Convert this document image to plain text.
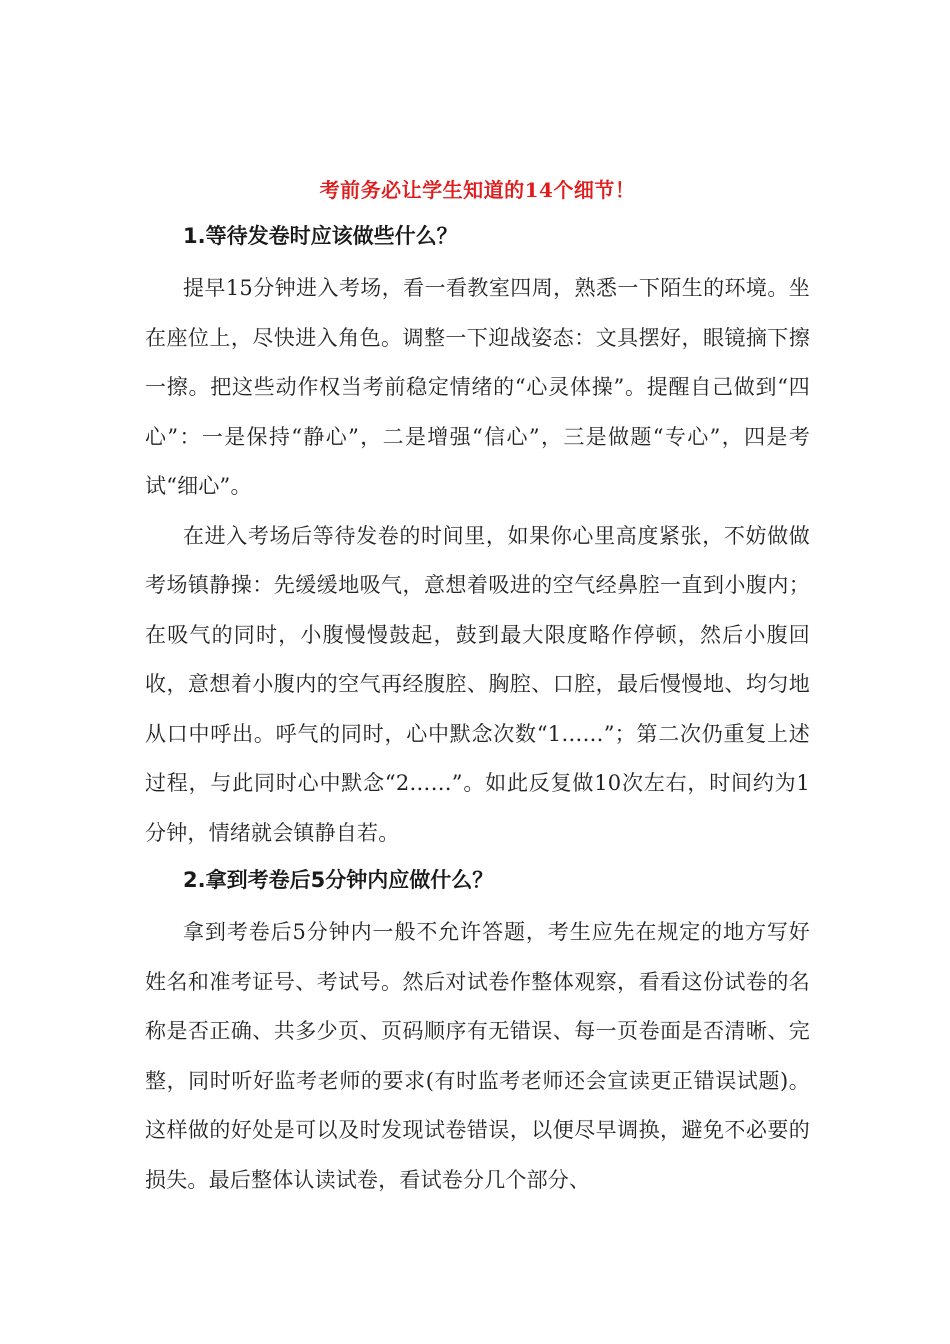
考前务必让学生知道的14个细节！
1.等待发卷时应该做些什么？

提早15分钟进入考场，看一看教室四周，熟悉一下陌生的环境。坐在座位上，尽快进入角色。调整一下迎战姿态：文具摆好，眼镜摘下擦一擦。把这些动作权当考前稳定情绪的“心灵体操”。提醒自己做到“四心”：一是保持“静心”，二是增强“信心”，三是做题“专心”，四是考试“细心”。

在进入考场后等待发卷的时间里，如果你心里高度紧张，不妨做做考场镇静操：先缓缓地吸气，意想着吸进的空气经鼻腔一直到小腹内；在吸气的同时，小腹慢慢鼓起，鼓到最大限度略作停顿，然后小腹回收，意想着小腹内的空气再经腹腔、胸腔、口腔，最后慢慢地、均匀地从口中呼出。呼气的同时，心中默念次数“1……”；第二次仍重复上述过程，与此同时心中默念“2……”。如此反复做10次左右，时间约为1分钟，情绪就会镇静自若。

2.拿到考卷后5分钟内应做什么？

拿到考卷后5分钟内一般不允许答题，考生应先在规定的地方写好姓名和准考证号、考试号。然后对试卷作整体观察，看看这份试卷的名称是否正确、共多少页、页码顺序有无错误、每一页卷面是否清晰、完整，同时听好监考老师的要求(有时监考老师还会宣读更正错误试题)。这样做的好处是可以及时发现试卷错误，以便尽早调换，避免不必要的损失。最后整体认读试卷，看试卷分几个部分、
